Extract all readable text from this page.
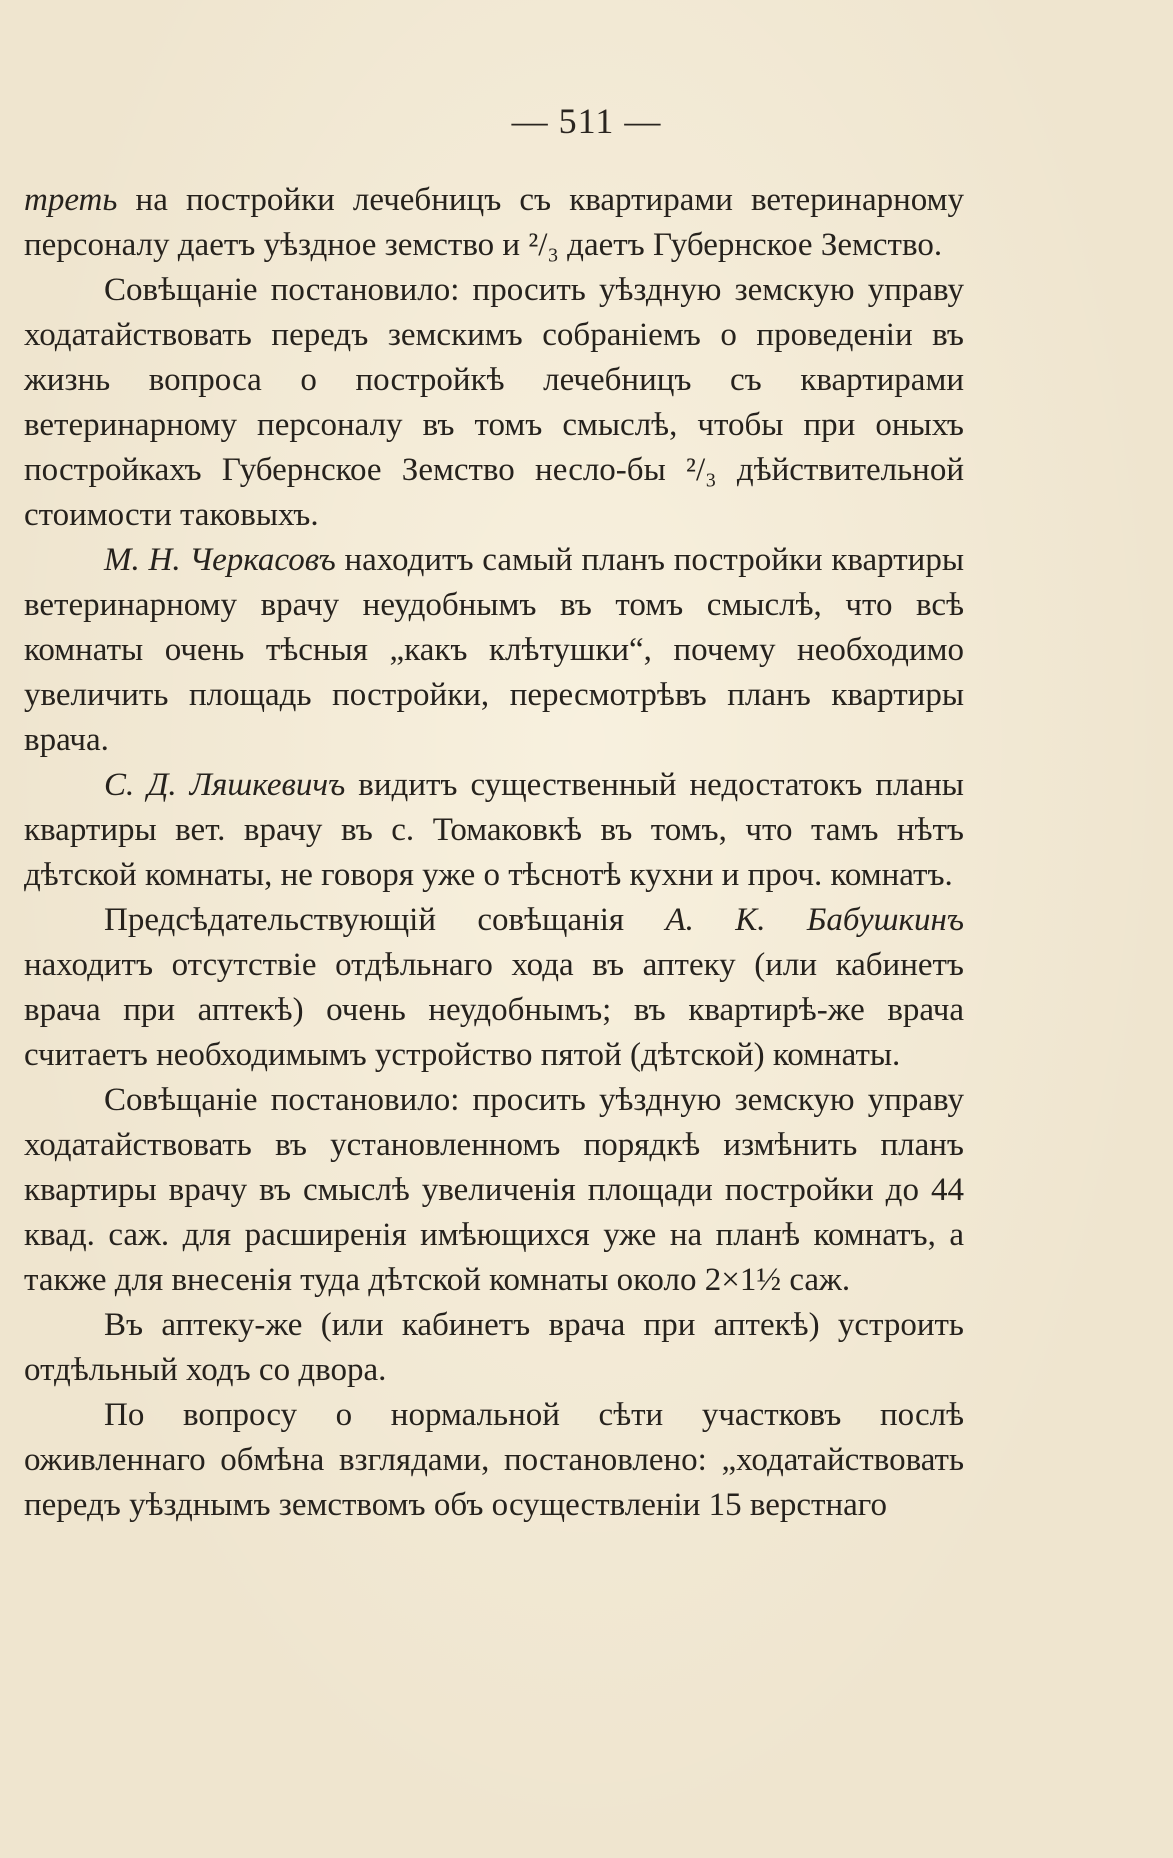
— 511 —

треть на постройки лечебницъ съ квартирами ветеринарному персоналу даетъ уѣздное земство и ²/₃ даетъ Губернское Земство.

Совѣщаніе постановило: просить уѣздную земскую управу ходатайствовать передъ земскимъ собраніемъ о проведеніи въ жизнь вопроса о постройкѣ лечебницъ съ квартирами ветеринарному персоналу въ томъ смыслѣ, чтобы при оныхъ постройкахъ Губернское Земство несло-бы ²/₃ дѣйствительной стоимости таковыхъ.

М. Н. Черкасовъ находитъ самый планъ постройки квартиры ветеринарному врачу неудобнымъ въ томъ смыслѣ, что всѣ комнаты очень тѣсныя „какъ клѣтушки“, почему необходимо увеличить площадь постройки, пересмотрѣвъ планъ квартиры врача.

С. Д. Ляшкевичъ видитъ существенный недостатокъ планы квартиры вет. врачу въ с. Томаковкѣ въ томъ, что тамъ нѣтъ дѣтской комнаты, не говоря уже о тѣснотѣ кухни и проч. комнатъ.

Предсѣдательствующій совѣщанія А. К. Бабушкинъ находитъ отсутствіе отдѣльнаго хода въ аптеку (или кабинетъ врача при аптекѣ) очень неудобнымъ; въ квартирѣ-же врача считаетъ необходимымъ устройство пятой (дѣтской) комнаты.

Совѣщаніе постановило: просить уѣздную земскую управу ходатайствовать въ установленномъ порядкѣ измѣнить планъ квартиры врачу въ смыслѣ увеличенія площади постройки до 44 квад. саж. для расширенія имѣющихся уже на планѣ комнатъ, а также для внесенія туда дѣтской комнаты около 2×1½ саж.

Въ аптеку-же (или кабинетъ врача при аптекѣ) устроить отдѣльный ходъ со двора.

По вопросу о нормальной сѣти участковъ послѣ оживленнаго обмѣна взглядами, постановлено: „ходатайствовать передъ уѣзднымъ земствомъ объ осуществленіи 15 верстнаго
